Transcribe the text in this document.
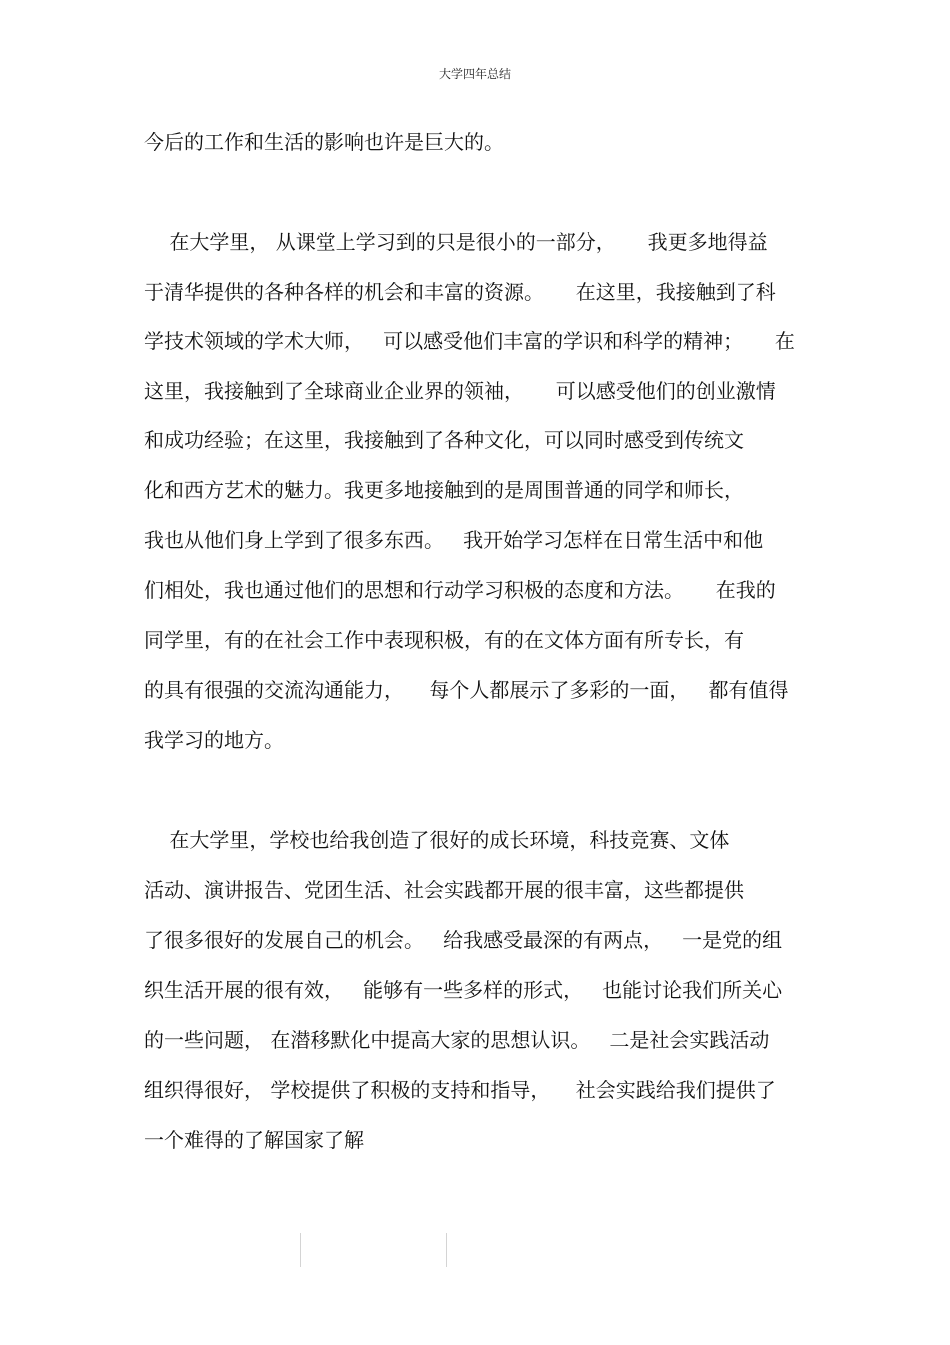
大学四年总结
今后的工作和生活的影响也许是巨大的。
在大学里， 从课堂上学习到的只是很小的一部分，     我更多地得益
于清华提供的各种各样的机会和丰富的资源。     在这里，我接触到了科
学技术领域的学术大师，   可以感受他们丰富的学识和科学的精神；     在
这里，我接触到了全球商业企业界的领袖，     可以感受他们的创业激情
和成功经验；在这里，我接触到了各种文化，可以同时感受到传统文
化和西方艺术的魅力。我更多地接触到的是周围普通的同学和师长，
我也从他们身上学到了很多东西。   我开始学习怎样在日常生活中和他
们相处，我也通过他们的思想和行动学习积极的态度和方法。     在我的
同学里，有的在社会工作中表现积极，有的在文体方面有所专长，有
的具有很强的交流沟通能力，    每个人都展示了多彩的一面，   都有值得
我学习的地方。
在大学里，学校也给我创造了很好的成长环境，科技竞赛、文体
活动、演讲报告、党团生活、社会实践都开展的很丰富，这些都提供
了很多很好的发展自己的机会。   给我感受最深的有两点，   一是党的组
织生活开展的很有效，   能够有一些多样的形式，   也能讨论我们所关心
的一些问题， 在潜移默化中提高大家的思想认识。   二是社会实践活动
组织得很好， 学校提供了积极的支持和指导，    社会实践给我们提供了
一个难得的了解国家了解
